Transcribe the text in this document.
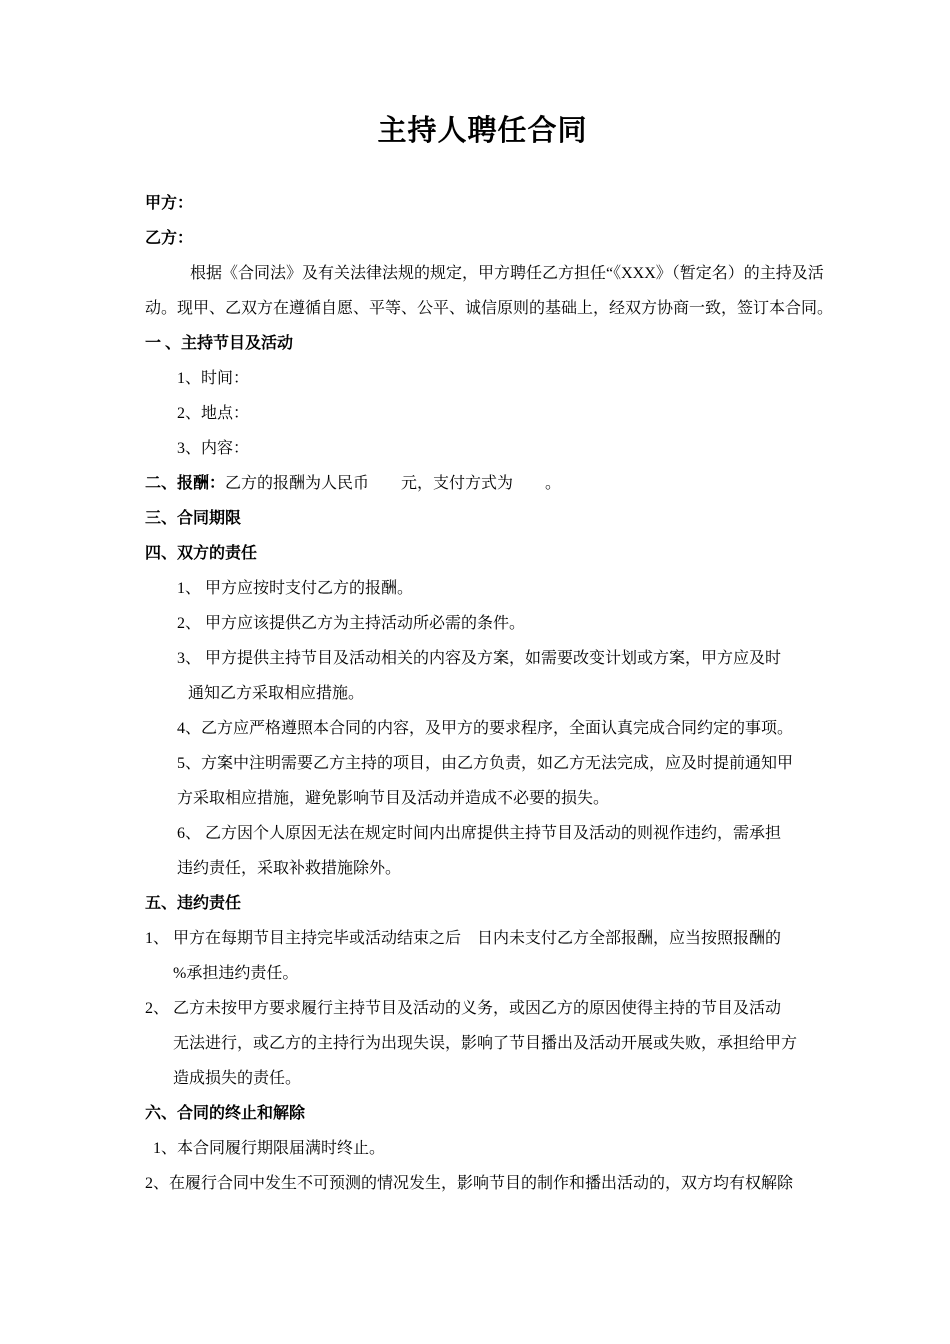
主持人聘任合同
甲方：
乙方：
根据《合同法》及有关法律法规的规定，甲方聘任乙方担任“《XXX》（暂定名）的主持及活
动。现甲、乙双方在遵循自愿、平等、公平、诚信原则的基础上，经双方协商一致，签订本合同。
一 、主持节目及活动
1、时间：
2、地点：
3、内容：
二、报酬：乙方的报酬为人民币　　元，支付方式为　　。
三、合同期限
四、双方的责任
1、 甲方应按时支付乙方的报酬。
2、 甲方应该提供乙方为主持活动所必需的条件。
3、 甲方提供主持节目及活动相关的内容及方案，如需要改变计划或方案，甲方应及时
通知乙方采取相应措施。
4、乙方应严格遵照本合同的内容，及甲方的要求程序，全面认真完成合同约定的事项。
5、方案中注明需要乙方主持的项目，由乙方负责，如乙方无法完成，应及时提前通知甲
方采取相应措施，避免影响节目及活动并造成不必要的损失。
6、 乙方因个人原因无法在规定时间内出席提供主持节目及活动的则视作违约，需承担
违约责任，采取补救措施除外。
五、违约责任
1、 甲方在每期节目主持完毕或活动结束之后　日内未支付乙方全部报酬，应当按照报酬的
%承担违约责任。
2、 乙方未按甲方要求履行主持节目及活动的义务，或因乙方的原因使得主持的节目及活动
无法进行，或乙方的主持行为出现失误，影响了节目播出及活动开展或失败，承担给甲方
造成损失的责任。
六、合同的终止和解除
1、本合同履行期限届满时终止。
2、在履行合同中发生不可预测的情况发生，影响节目的制作和播出活动的，双方均有权解除
